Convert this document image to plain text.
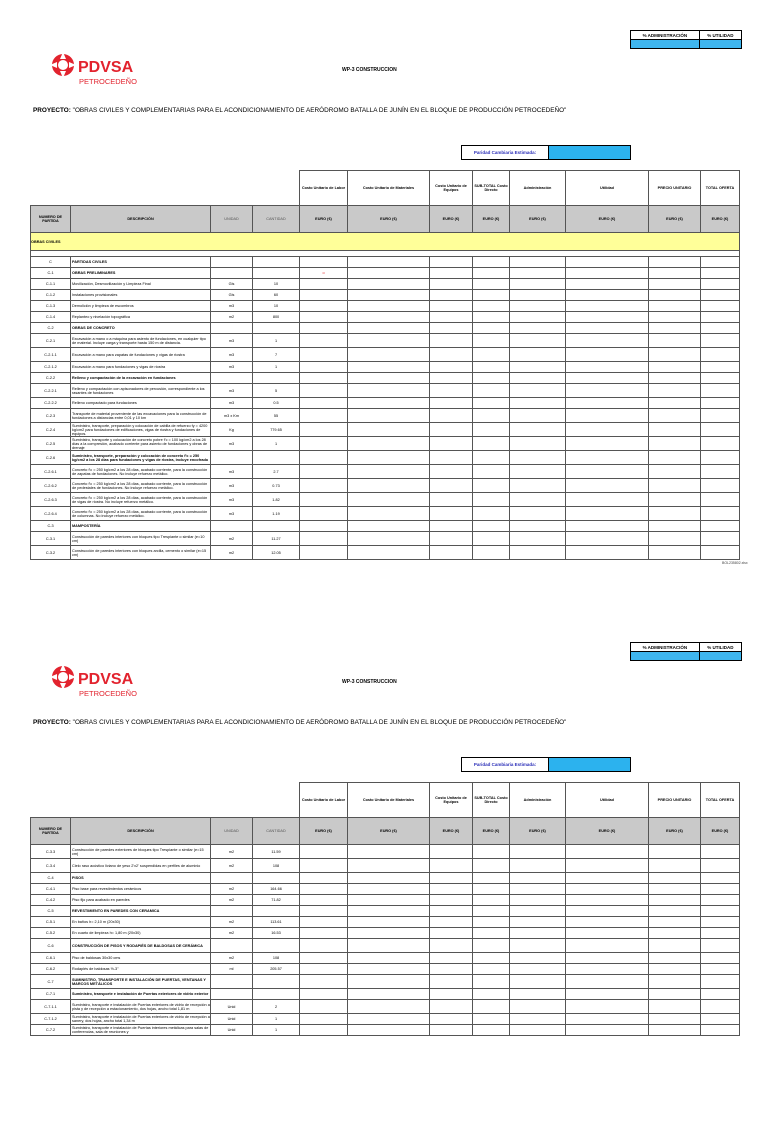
% ADMINISTRACIÓN	% UTILIDAD

PDVSA
PETROCEDEÑO
WP-3 CONSTRUCCION
PROYECTO: "OBRAS CIVILES Y COMPLEMENTARIAS PARA EL ACONDICIONAMIENTO DE AERÓDROMO BATALLA DE JUNÍN EN EL BLOQUE DE PRODUCCIÓN PETROCEDEÑO"
Paridad Cambiaria Estimada:
				Costo Unitario de Labor	Costo Unitario de Materiales	Costo Unitario de Equipos	SUB-TOTAL Costo Directo	Administración	Utilidad	PRECIO UNITARIO	TOTAL OFERTA
NUMERO DE PARTIDA	DESCRIPCIÓN	UNIDAD	CANTIDAD	EURO (€)	EURO (€)	EURO (€)	EURO (€)	EURO (€)	EURO (€)	EURO (€)	EURO (€)
OBRAS CIVILES											

C	PARTIDAS CIVILES										
C-1	OBRAS PRELIMINARES			o							
C-1.1	Movilización, Desmovilización y Limpieza Final	Gls	10								
C-1.2	Instalaciones provisionales	Gls	60								
C-1.3	Demolición y limpieza de escombros	m3	10								
C-1.4	Replanteo y nivelación topográfica	m2	800								
C-2	OBRAS DE CONCRETO										
C-2.1	Excavación a mano o a máquina para asiento de fundaciones, en cualquier tipo de material. Incluye carga y transporte hasta 150 m de distancia.	m3	1								
C-2.1.1	Excavación a mano para zapatas de fundaciones y vigas de riostra	m3	7								
C-2.1.2	Excavación a mano para fundaciones y vigas de riostra	m3	1								
C-2.2	Relleno y compactación de la excavación en fundaciones										
C-2.2.1	Relleno y compactación con apisonadores de percusión, correspondiente a los rasantes de fundaciones	m3	5								
C-2.2.2	Relleno compactado para fundaciones	m3	0.5								
C-2.3	Transporte de material proveniente de las excavaciones para la construcción de fundaciones a distancias entre 0,01 y 10 km	m3 x Km	55								
C-2.4	Suministro, transporte, preparación y colocación de cabilla de refuerzo fy = 4200 kg/cm2 para fundaciones de edificaciones, vigas de riostra y fundaciones de equipos.	Kg	779.65								
C-2.5	Suministro, transporte y colocación de concreto pobre f'c = 100 kg/cm2 a los 28 días a la compresión, acabado corriente para asiento de fundaciones y obras de drenaje	m3	1								
C-2.6	Suministro, transporte, preparación y colocación de concreto f'c = 250 kg/cm2 a los 28 días para fundaciones y vigas de riostra, incluye encofrado										
C-2.6.1	Concreto f'c = 250 kg/cm2 a los 28 días, acabado corriente, para la construcción de zapatas de fundaciones. No incluye refuerzo metálico.	m3	2.7								
C-2.6.2	Concreto f'c = 250 kg/cm2 a los 28 días, acabado corriente, para la construcción de pedestales de fundaciones. No incluye refuerzo metálico.	m3	0.73								
C-2.6.3	Concreto f'c = 250 kg/cm2 a los 28 días, acabado corriente, para la construcción de vigas de riostra. No incluye refuerzo metálico.	m3	1.82								
C-2.6.4	Concreto f'c = 250 kg/cm2 a los 28 días, acabado corriente, para la construcción de columnas. No incluye refuerzo metálico.	m3	1.19								
C-3	MAMPOSTERÍA										
C-3.1	Construcción de paredes interiores con bloques tipo Trespiante o similar (e=10 cm)	m2	11.27								
C-3.2	Construcción de paredes interiores con bloques arcilla, cemento o similar (e=15 cm)	m2	12.05								
BOL235802.xlsx
% ADMINISTRACIÓN	% UTILIDAD

PDVSA
PETROCEDEÑO
WP-3 CONSTRUCCION
PROYECTO: "OBRAS CIVILES Y COMPLEMENTARIAS PARA EL ACONDICIONAMIENTO DE AERÓDROMO BATALLA DE JUNÍN EN EL BLOQUE DE PRODUCCIÓN PETROCEDEÑO"
Paridad Cambiaria Estimada:
				Costo Unitario de Labor	Costo Unitario de Materiales	Costo Unitario de Equipos	SUB-TOTAL Costo Directo	Administración	Utilidad	PRECIO UNITARIO	TOTAL OFERTA
NUMERO DE PARTIDA	DESCRIPCIÓN	UNIDAD	CANTIDAD	EURO (€)	EURO (€)	EURO (€)	EURO (€)	EURO (€)	EURO (€)	EURO (€)	EURO (€)
C-3.3	Construcción de paredes exteriores de bloques tipo Trespiante o similar (e=15 cm)	m2	11.59								
C-3.4	Cielo raso acústico liviano de yeso 2'x2' suspendidas en perfiles de aluminio	m2	108								
C-4	PISOS										
C-4.1	Piso base para revestimientos cerámicos	m2	164.66								
C-4.2	Piso fijo para acabado en paredes	m2	71.82								
C-5	REVESTIMIENTO EN PAREDES CON CERAMICA										
C-5.1	En baños h= 2,10 m (20x30)	m2	113.61								
C-5.2	En cuarto de limpieza h= 1,80 m (20x30)	m2	16.53								
C-6	CONSTRUCCIÓN DE PISOS Y RODAPIÉS DE BALDOSAS DE CERÁMICA										
C-6.1	Piso de baldosas 30x30 cms	m2	108								
C-6.2	Rodapiés de baldosas ½-3"	ml	205.57								
C-7	SUMINISTRO, TRANSPORTE E INSTALACIÓN DE PUERTAS, VENTANAS Y MARCOS METÁLICOS										
C-7.1	Suministro, transporte e instalación de Puertas exteriores de vidrio exterior										
C-7.1.1	Suministro, transporte e instalación de Puertas exteriores de vidrio de recepción a pista y de recepción a estacionamiento, dos hojas, ancho total 1,81 m	Unid	2								
C-7.1.2	Suministro, transporte e instalación de Puertas exteriores de vidrio de recepción a sanery, dos hojas, ancho total 1,34 m	Unid	1								
C-7.2	Suministro, transporte e instalación de Puertas interiores metálicas para salas de conferencias, sala de reuniones y	Unid	1								
